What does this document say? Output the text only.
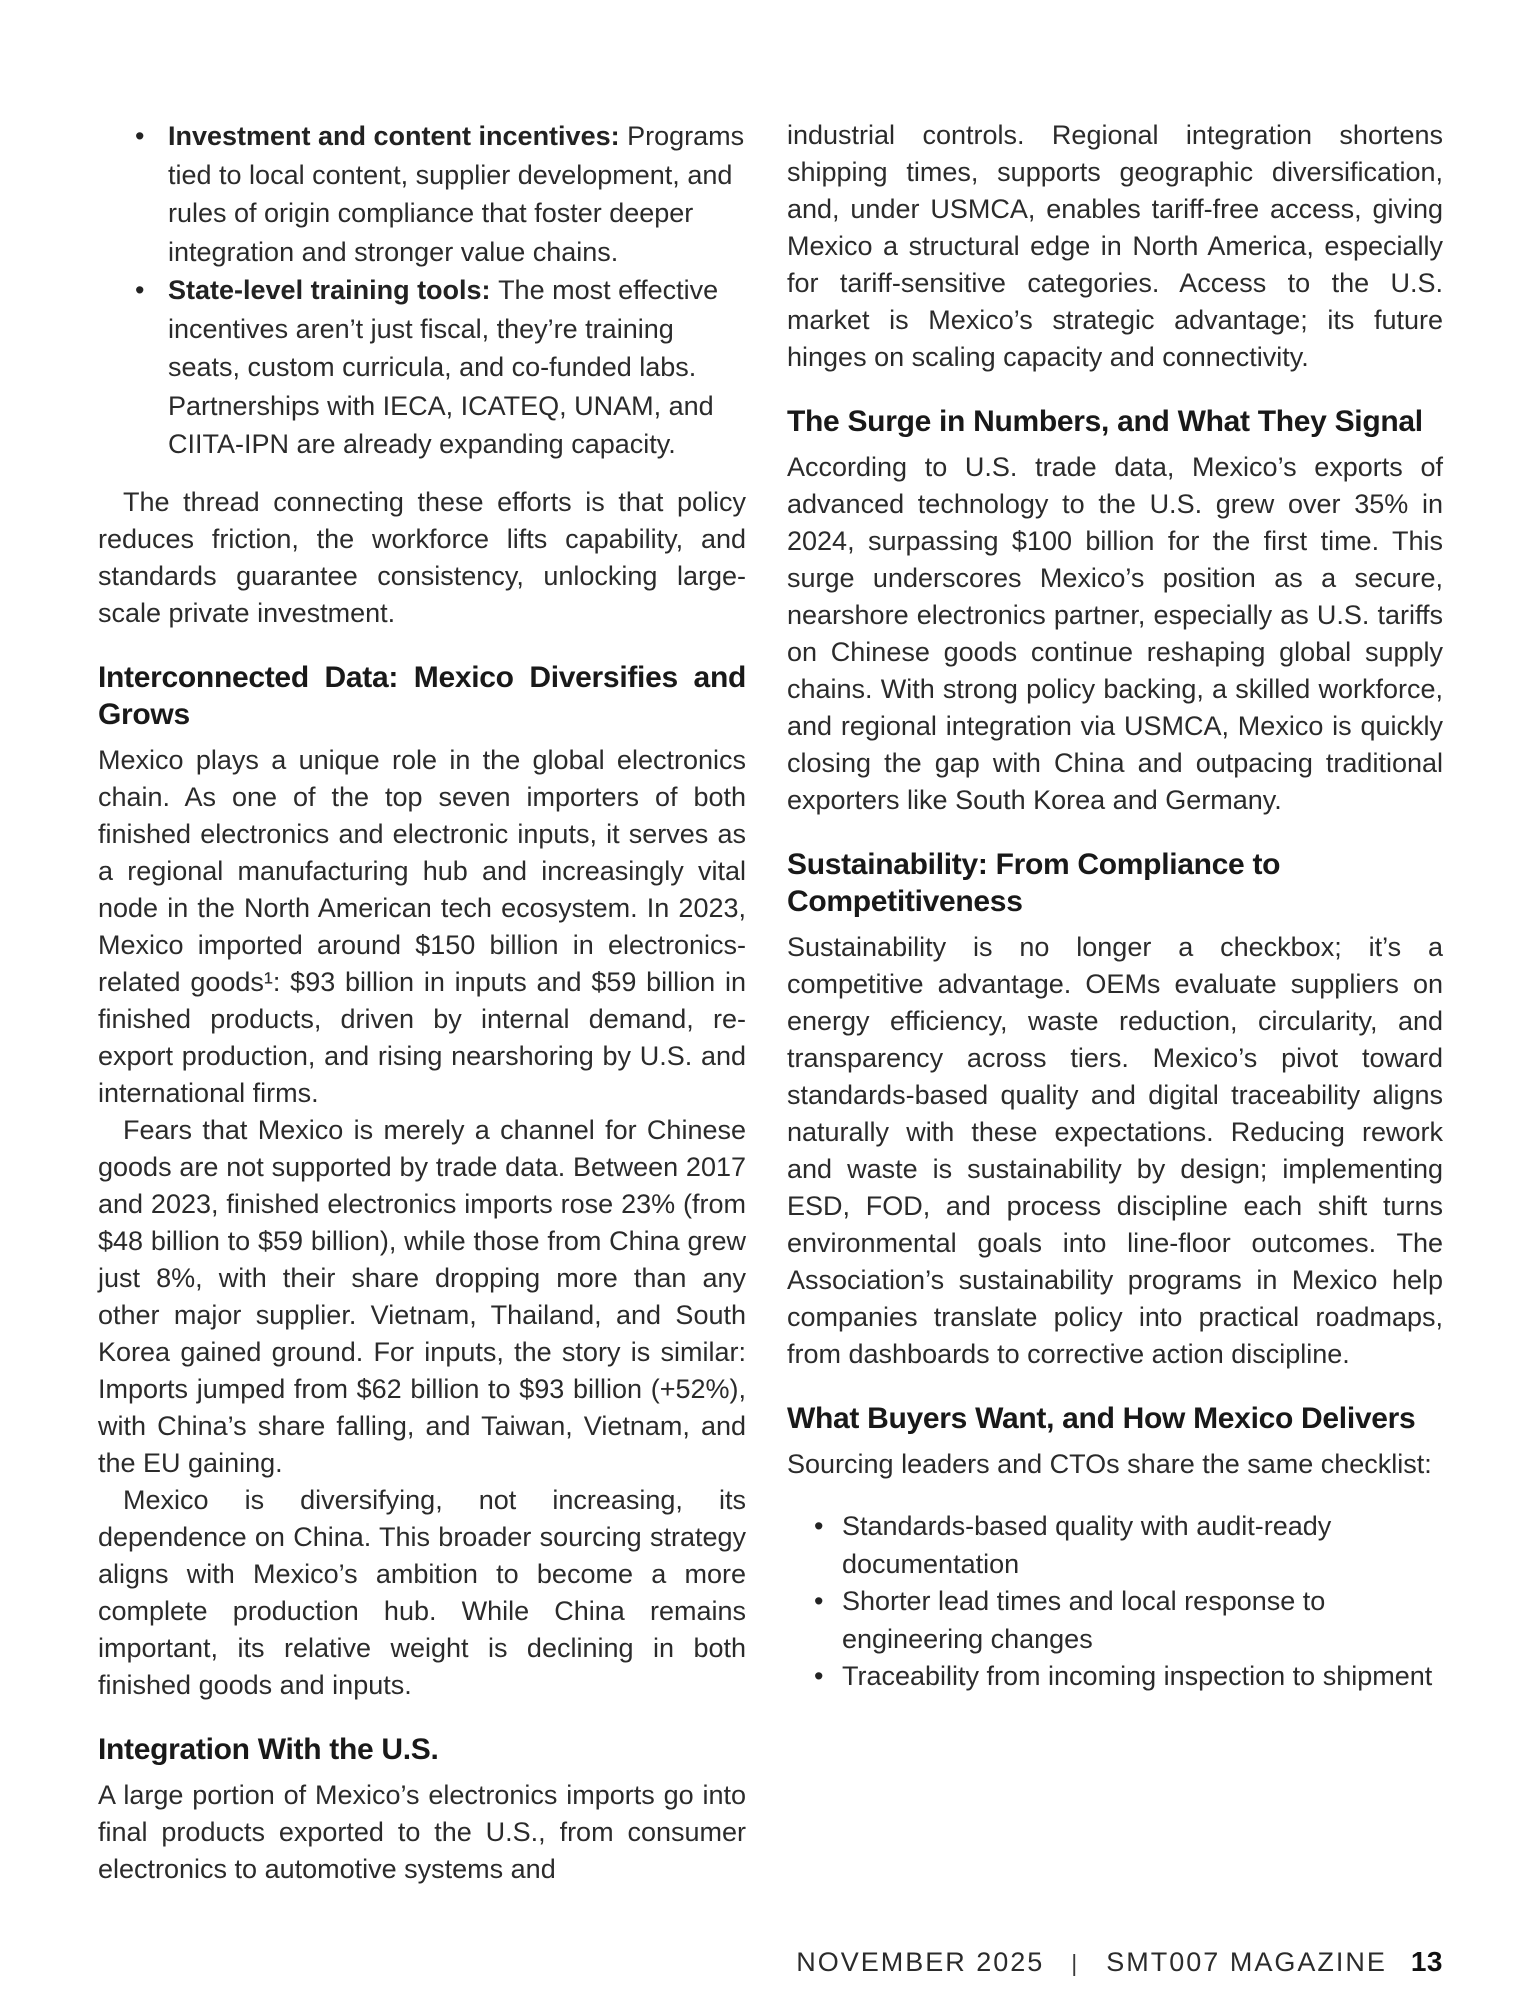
• Investment and content incentives: Programs tied to local content, supplier development, and rules of origin compliance that foster deeper integration and stronger value chains.
• State-level training tools: The most effective incentives aren’t just fiscal, they’re training seats, custom curricula, and co-funded labs. Partnerships with IECA, ICATEQ, UNAM, and CIITA-IPN are already expanding capacity.

The thread connecting these efforts is that policy reduces friction, the workforce lifts capability, and standards guarantee consistency, unlocking large-scale private investment.

Interconnected Data: Mexico Diversifies and Grows

Mexico plays a unique role in the global electronics chain. As one of the top seven importers of both finished electronics and electronic inputs, it serves as a regional manufacturing hub and increasingly vital node in the North American tech ecosystem. In 2023, Mexico imported around $150 billion in electronics-related goods¹: $93 billion in inputs and $59 billion in finished products, driven by internal demand, re-export production, and rising nearshoring by U.S. and international firms.

Fears that Mexico is merely a channel for Chinese goods are not supported by trade data. Between 2017 and 2023, finished electronics imports rose 23% (from $48 billion to $59 billion), while those from China grew just 8%, with their share dropping more than any other major supplier. Vietnam, Thailand, and South Korea gained ground. For inputs, the story is similar: Imports jumped from $62 billion to $93 billion (+52%), with China’s share falling, and Taiwan, Vietnam, and the EU gaining.

Mexico is diversifying, not increasing, its dependence on China. This broader sourcing strategy aligns with Mexico’s ambition to become a more complete production hub. While China remains important, its relative weight is declining in both finished goods and inputs.

Integration With the U.S.

A large portion of Mexico’s electronics imports go into final products exported to the U.S., from consumer electronics to automotive systems and

industrial controls. Regional integration shortens shipping times, supports geographic diversification, and, under USMCA, enables tariff-free access, giving Mexico a structural edge in North America, especially for tariff-sensitive categories. Access to the U.S. market is Mexico’s strategic advantage; its future hinges on scaling capacity and connectivity.

The Surge in Numbers, and What They Signal

According to U.S. trade data, Mexico’s exports of advanced technology to the U.S. grew over 35% in 2024, surpassing $100 billion for the first time. This surge underscores Mexico’s position as a secure, nearshore electronics partner, especially as U.S. tariffs on Chinese goods continue reshaping global supply chains. With strong policy backing, a skilled workforce, and regional integration via USMCA, Mexico is quickly closing the gap with China and outpacing traditional exporters like South Korea and Germany.

Sustainability: From Compliance to Competitiveness

Sustainability is no longer a checkbox; it’s a competitive advantage. OEMs evaluate suppliers on energy efficiency, waste reduction, circularity, and transparency across tiers. Mexico’s pivot toward standards-based quality and digital traceability aligns naturally with these expectations. Reducing rework and waste is sustainability by design; implementing ESD, FOD, and process discipline each shift turns environmental goals into line-floor outcomes. The Association’s sustainability programs in Mexico help companies translate policy into practical roadmaps, from dashboards to corrective action discipline.

What Buyers Want, and How Mexico Delivers

Sourcing leaders and CTOs share the same checklist:

• Standards-based quality with audit-ready documentation
• Shorter lead times and local response to engineering changes
• Traceability from incoming inspection to shipment
NOVEMBER 2025 | SMT007 MAGAZINE 13
